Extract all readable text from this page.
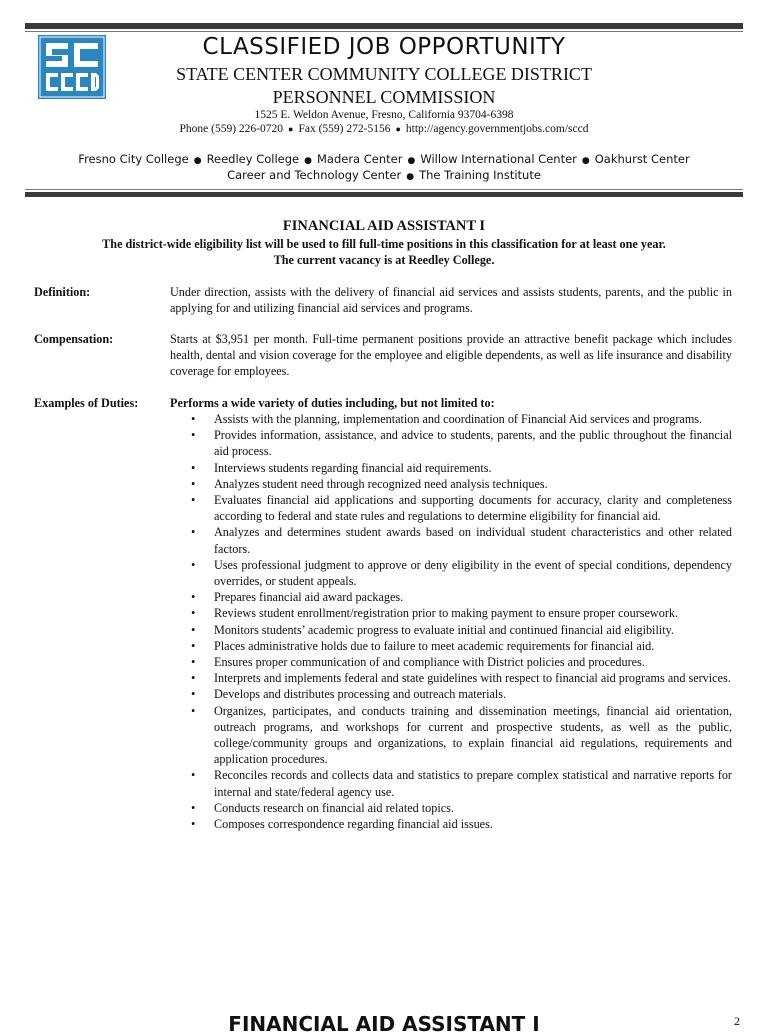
CLASSIFIED JOB OPPORTUNITY
STATE CENTER COMMUNITY COLLEGE DISTRICT
PERSONNEL COMMISSION
1525 E. Weldon Avenue, Fresno, California 93704-6398
Phone (559) 226-0720 ● Fax (559) 272-5156 ● http://agency.governmentjobs.com/sccd
Fresno City College ● Reedley College ● Madera Center ● Willow International Center ● Oakhurst Center
Career and Technology Center ● The Training Institute
FINANCIAL AID ASSISTANT I
The district-wide eligibility list will be used to fill full-time positions in this classification for at least one year.
The current vacancy is at Reedley College.
Definition:	Under direction, assists with the delivery of financial aid services and assists students, parents, and the public in applying for and utilizing financial aid services and programs.
Compensation:	Starts at $3,951 per month. Full-time permanent positions provide an attractive benefit package which includes health, dental and vision coverage for the employee and eligible dependents, as well as life insurance and disability coverage for employees.
Examples of Duties:	Performs a wide variety of duties including, but not limited to:
• Assists with the planning, implementation and coordination of Financial Aid services and programs.
• Provides information, assistance, and advice to students, parents, and the public throughout the financial aid process.
• Interviews students regarding financial aid requirements.
• Analyzes student need through recognized need analysis techniques.
• Evaluates financial aid applications and supporting documents for accuracy, clarity and completeness according to federal and state rules and regulations to determine eligibility for financial aid.
• Analyzes and determines student awards based on individual student characteristics and other related factors.
• Uses professional judgment to approve or deny eligibility in the event of special conditions, dependency overrides, or student appeals.
• Prepares financial aid award packages.
• Reviews student enrollment/registration prior to making payment to ensure proper coursework.
• Monitors students’ academic progress to evaluate initial and continued financial aid eligibility.
• Places administrative holds due to failure to meet academic requirements for financial aid.
• Ensures proper communication of and compliance with District policies and procedures.
• Interprets and implements federal and state guidelines with respect to financial aid programs and services.
• Develops and distributes processing and outreach materials.
• Organizes, participates, and conducts training and dissemination meetings, financial aid orientation, outreach programs, and workshops for current and prospective students, as well as the public, college/community groups and organizations, to explain financial aid regulations, requirements and application procedures.
• Reconciles records and collects data and statistics to prepare complex statistical and narrative reports for internal and state/federal agency use.
• Conducts research on financial aid related topics.
• Composes correspondence regarding financial aid issues.
FINANCIAL AID ASSISTANT I	2
